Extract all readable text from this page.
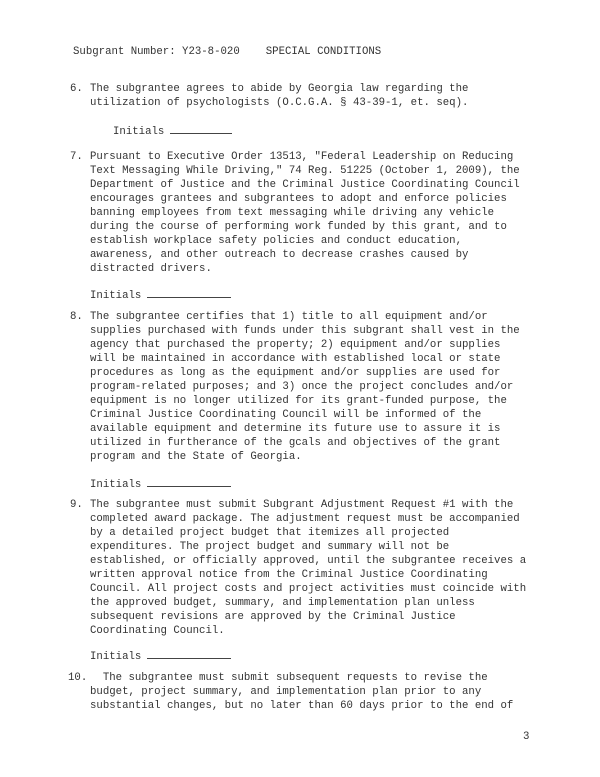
Subgrant Number: Y23-8-020 SPECIAL CONDITIONS
6. The subgrantee agrees to abide by Georgia law regarding the
utilization of psychologists (O.C.G.A. § 43-39-1, et. seq).
Initials
7. Pursuant to Executive Order 13513, "Federal Leadership on Reducing
Text Messaging While Driving," 74 Reg. 51225 (October 1, 2009), the
Department of Justice and the Criminal Justice Coordinating Council
encourages grantees and subgrantees to adopt and enforce policies
banning employees from text messaging while driving any vehicle
during the course of performing work funded by this grant, and to
establish workplace safety policies and conduct education,
awareness, and other outreach to decrease crashes caused by
distracted drivers.
Initials
8. The subgrantee certifies that 1) title to all equipment and/or
supplies purchased with funds under this subgrant shall vest in the
agency that purchased the property; 2) equipment and/or supplies
will be maintained in accordance with established local or state
procedures as long as the equipment and/or supplies are used for
program-related purposes; and 3) once the project concludes and/or
equipment is no longer utilized for its grant-funded purpose, the
Criminal Justice Coordinating Council will be informed of the
available equipment and determine its future use to assure it is
utilized in furtherance of the gcals and objectives of the grant
program and the State of Georgia.
Initials
9. The subgrantee must submit Subgrant Adjustment Request #1 with the
completed award package. The adjustment request must be accompanied
by a detailed project budget that itemizes all projected
expenditures. The project budget and summary will not be
established, or officially approved, until the subgrantee receives a
written approval notice from the Criminal Justice Coordinating
Council. All project costs and project activities must coincide with
the approved budget, summary, and implementation plan unless
subsequent revisions are approved by the Criminal Justice
Coordinating Council.
Initials
10. The subgrantee must submit subsequent requests to revise the
budget, project summary, and implementation plan prior to any
substantial changes, but no later than 60 days prior to the end of
3
